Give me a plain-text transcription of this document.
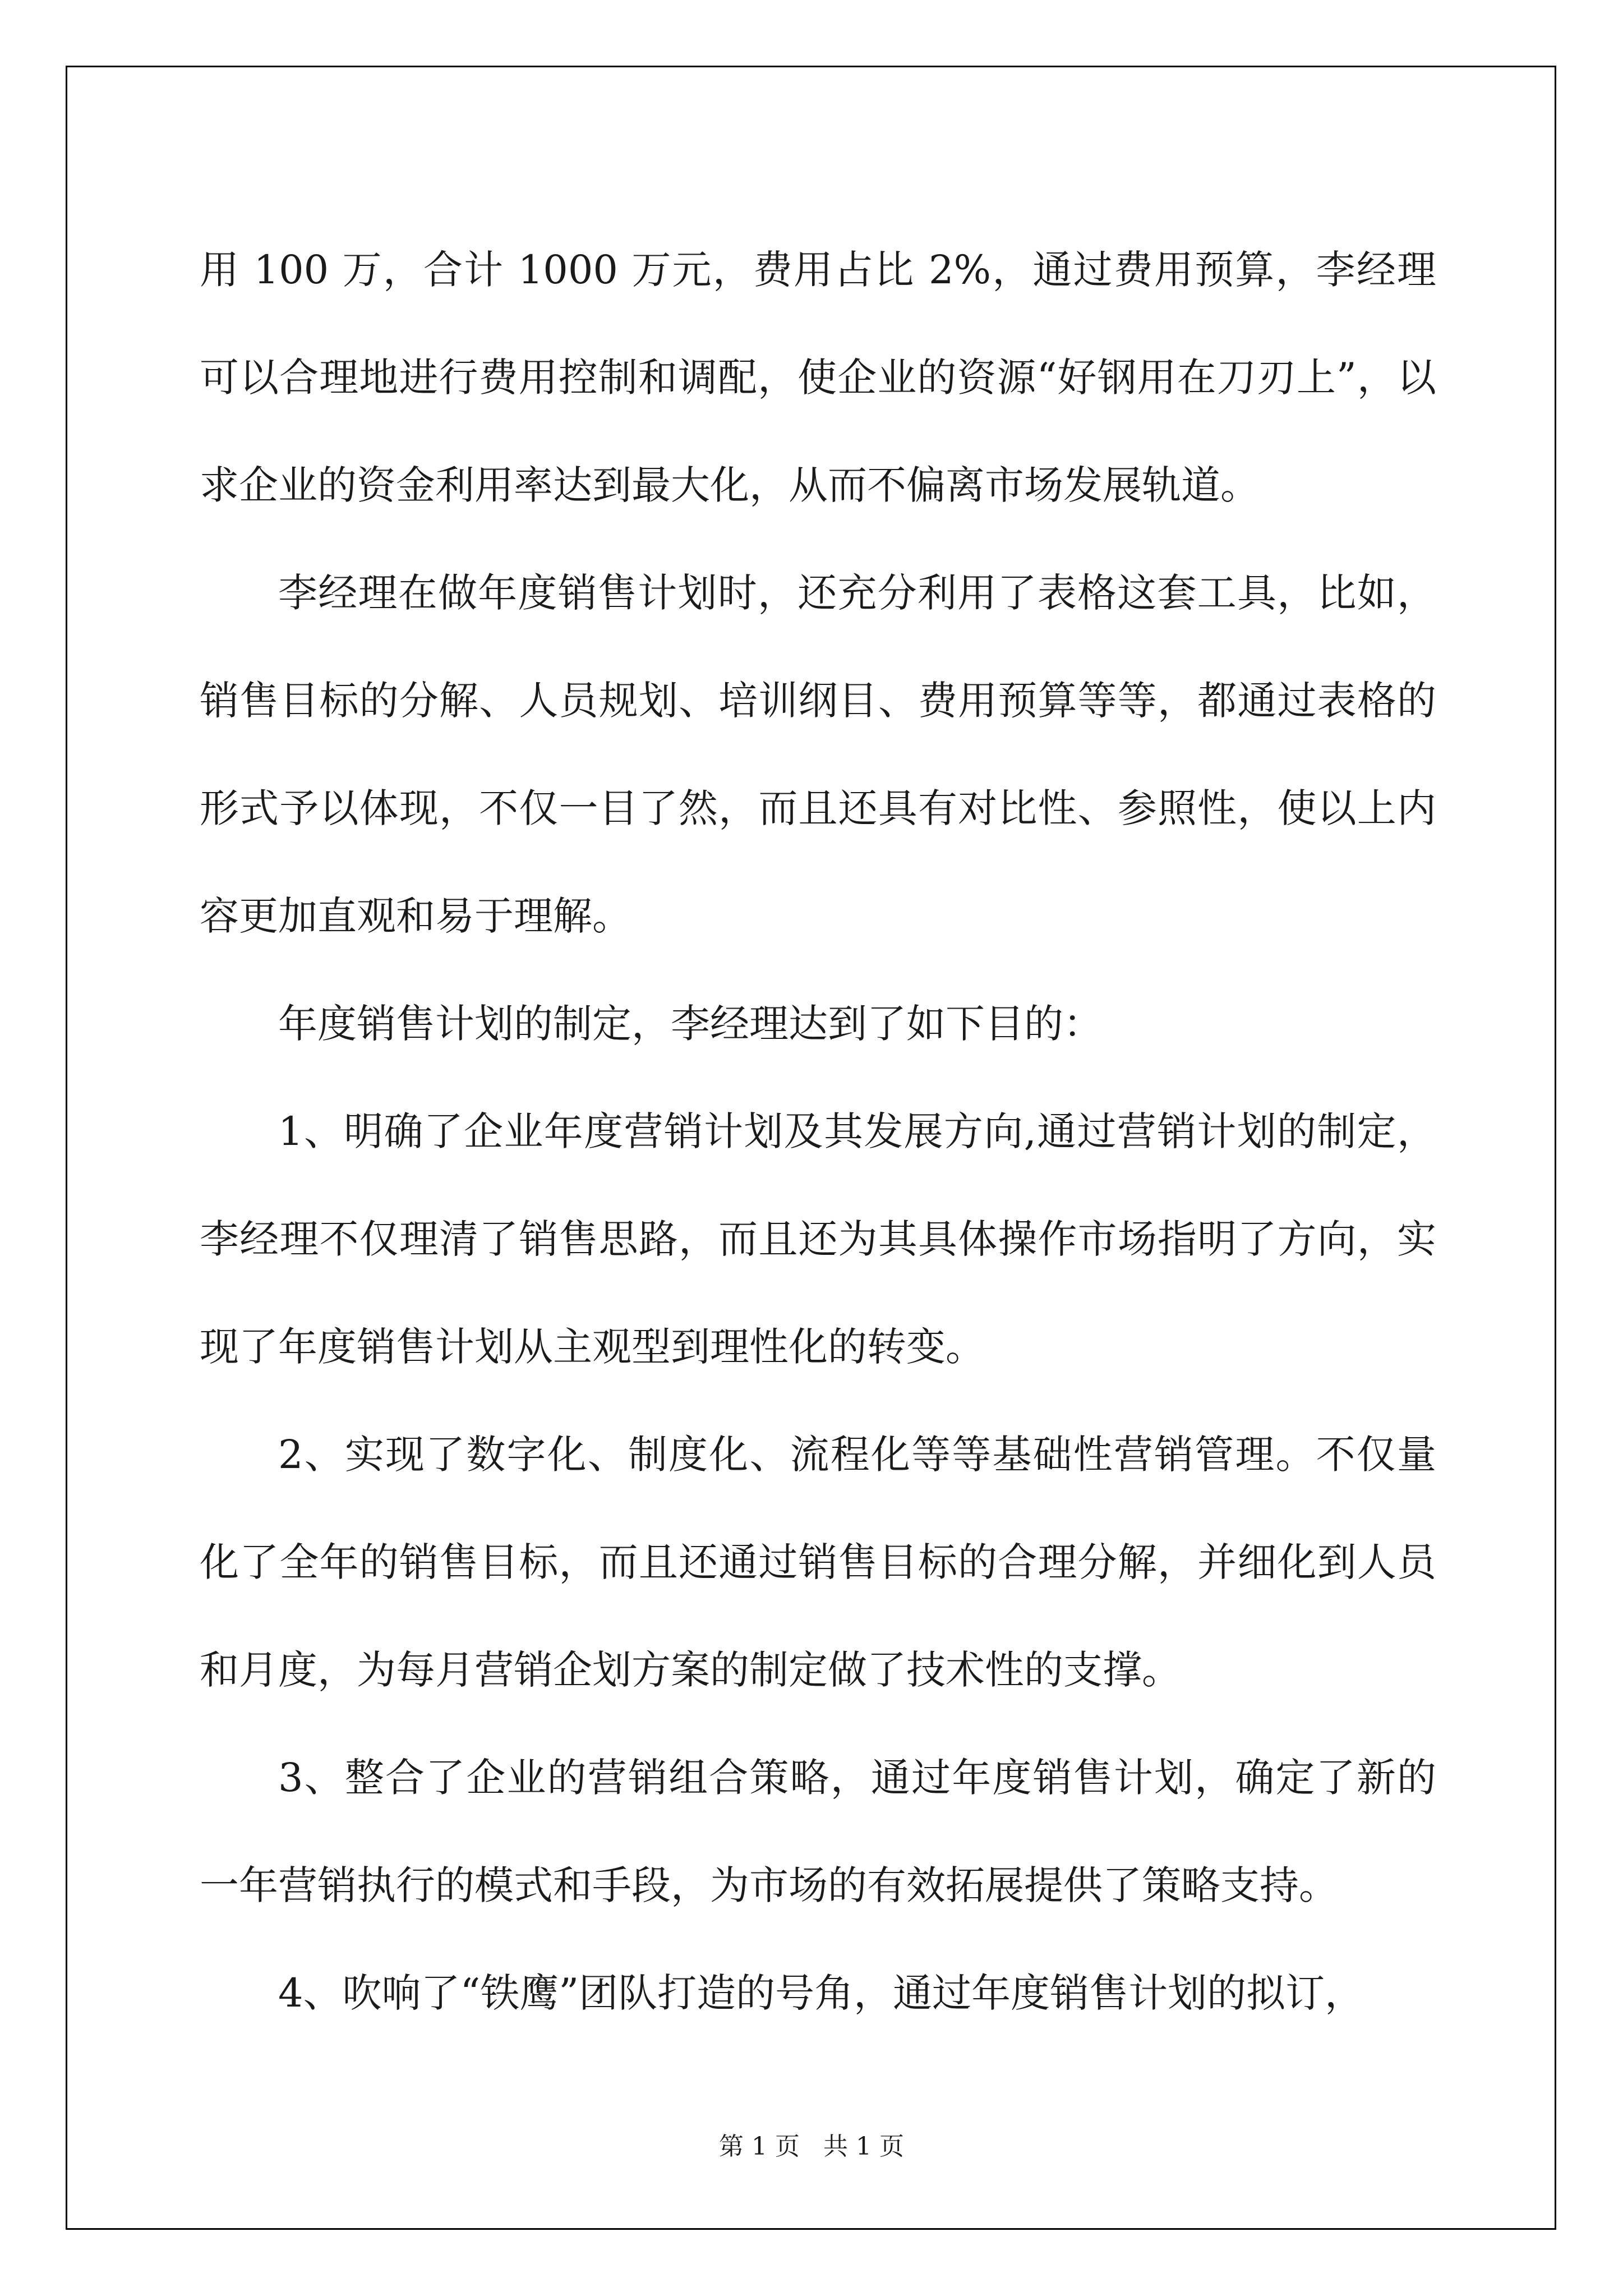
用 100 万，合计 1000 万元，费用占比 2%，通过费用预算，李经理可以合理地进行费用控制和调配，使企业的资源“好钢用在刀刃上”，以求企业的资金利用率达到最大化，从而不偏离市场发展轨道。

李经理在做年度销售计划时，还充分利用了表格这套工具，比如，销售目标的分解、人员规划、培训纲目、费用预算等等，都通过表格的形式予以体现，不仅一目了然，而且还具有对比性、参照性，使以上内容更加直观和易于理解。

年度销售计划的制定，李经理达到了如下目的：

1、明确了企业年度营销计划及其发展方向,通过营销计划的制定，李经理不仅理清了销售思路，而且还为其具体操作市场指明了方向，实现了年度销售计划从主观型到理性化的转变。

2、实现了数字化、制度化、流程化等等基础性营销管理。不仅量化了全年的销售目标，而且还通过销售目标的合理分解，并细化到人员和月度，为每月营销企划方案的制定做了技术性的支撑。

3、整合了企业的营销组合策略，通过年度销售计划，确定了新的一年营销执行的模式和手段，为市场的有效拓展提供了策略支持。

4、吹响了“铁鹰”团队打造的号角，通过年度销售计划的拟订，

第 1 页   共 1 页
